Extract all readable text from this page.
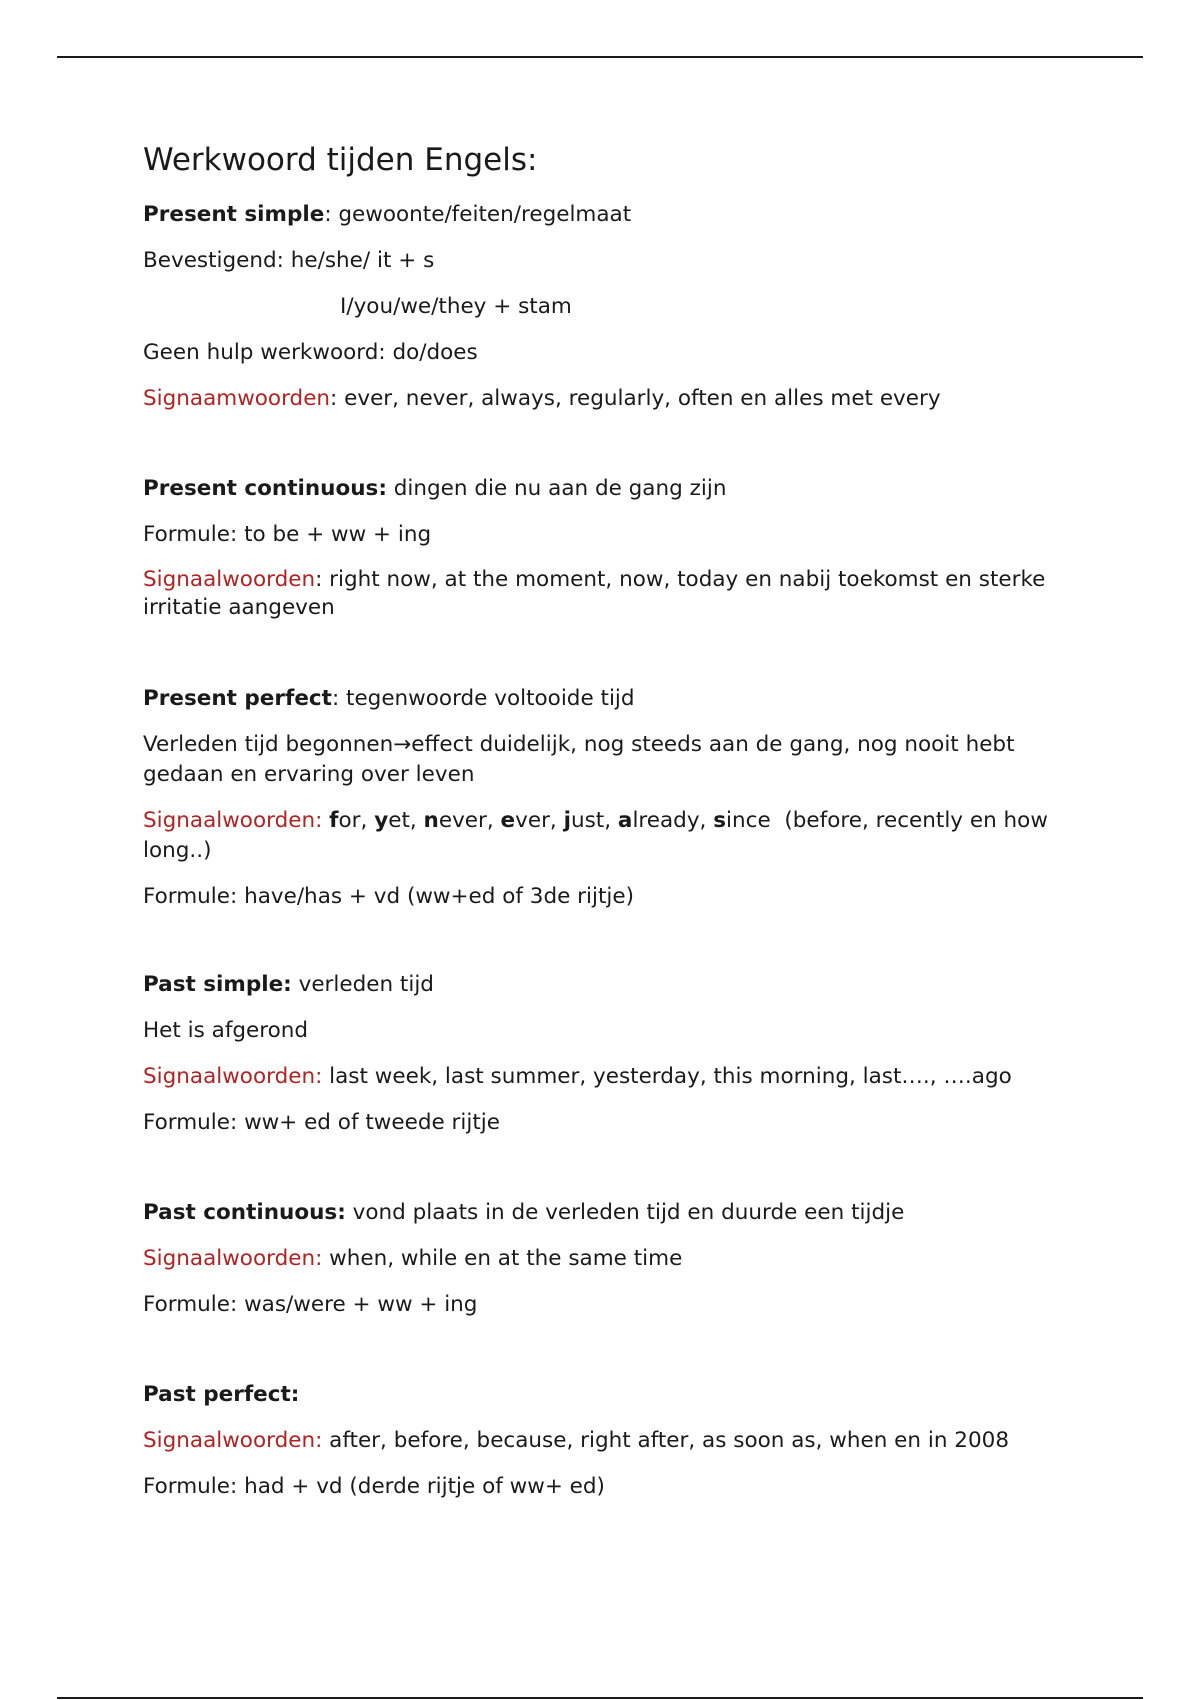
Werkwoord tijden Engels:

Present simple: gewoonte/feiten/regelmaat

Bevestigend: he/she/ it + s

I/you/we/they + stam

Geen hulp werkwoord: do/does

Signaamwoorden: ever, never, always, regularly, often en alles met every

Present continuous: dingen die nu aan de gang zijn

Formule: to be + ww + ing

Signaalwoorden: right now, at the moment, now, today en nabij toekomst en sterke irritatie aangeven

Present perfect: tegenwoorde voltooide tijd

Verleden tijd begonnen→effect duidelijk, nog steeds aan de gang, nog nooit hebt gedaan en ervaring over leven

Signaalwoorden: for, yet, never, ever, just, already, since  (before, recently en how long..)

Formule: have/has + vd (ww+ed of 3de rijtje)

Past simple: verleden tijd

Het is afgerond

Signaalwoorden: last week, last summer, yesterday, this morning, last…., ….ago

Formule: ww+ ed of tweede rijtje

Past continuous: vond plaats in de verleden tijd en duurde een tijdje

Signaalwoorden: when, while en at the same time

Formule: was/were + ww + ing

Past perfect:

Signaalwoorden: after, before, because, right after, as soon as, when en in 2008

Formule: had + vd (derde rijtje of ww+ ed)
